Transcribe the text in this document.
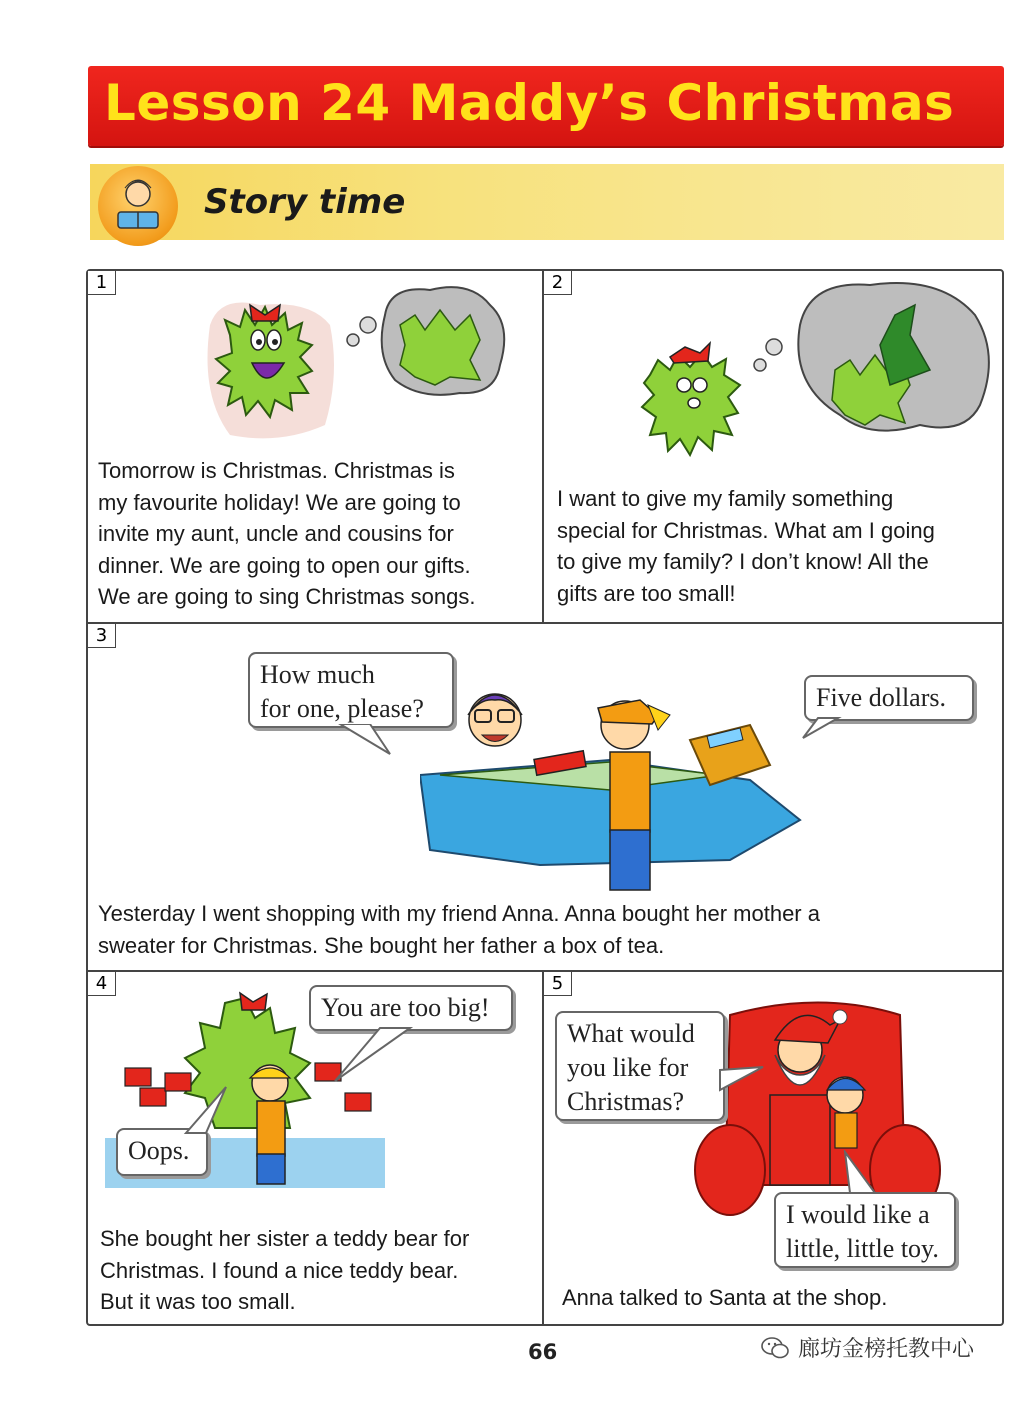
Lesson 24 Maddy’s Christmas
Story time
1
Tomorrow is Christmas. Christmas is
my favourite holiday! We are going to
invite my aunt, uncle and cousins for
dinner. We are going to open our gifts.
We are going to sing Christmas songs.
2
I want to give my family something
special for Christmas. What am I going
to give my family? I don’t know! All the
gifts are too small!
3
How much
for one, please?	Five dollars.
Yesterday I went shopping with my friend Anna. Anna bought her mother a
sweater for Christmas. She bought her father a box of tea.
4
You are too big!
Oops.
She bought her sister a teddy bear for
Christmas. I found a nice teddy bear.
But it was too small.
5
What would
you like for
Christmas?
I would like a
little, little toy.
Anna talked to Santa at the shop.
66	廊坊金榜托教中心
